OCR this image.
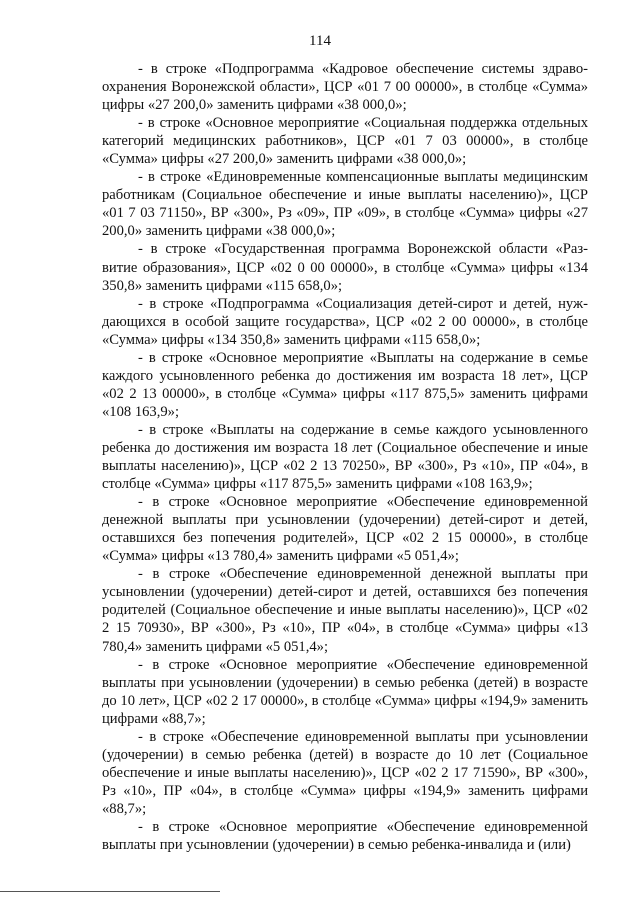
114

- в строке «Подпрограмма «Кадровое обеспечение системы здравоохранения Воронежской области», ЦСР «01 7 00 00000», в столбце «Сумма» цифры «27 200,0» заменить цифрами «38 000,0»;

- в строке «Основное мероприятие «Социальная поддержка отдельных категорий медицинских работников», ЦСР «01 7 03 00000», в столбце «Сумма» цифры «27 200,0» заменить цифрами «38 000,0»;

- в строке «Единовременные компенсационные выплаты медицинским работникам (Социальное обеспечение и иные выплаты населению)», ЦСР «01 7 03 71150», ВР «300», Рз «09», ПР «09», в столбце «Сумма» цифры «27 200,0» заменить цифрами «38 000,0»;

- в строке «Государственная программа Воронежской области «Развитие образования», ЦСР «02 0 00 00000», в столбце «Сумма» цифры «134 350,8» заменить цифрами «115 658,0»;

- в строке «Подпрограмма «Социализация детей-сирот и детей, нуждающихся в особой защите государства», ЦСР «02 2 00 00000», в столбце «Сумма» цифры «134 350,8» заменить цифрами «115 658,0»;

- в строке «Основное мероприятие «Выплаты на содержание в семье каждого усыновленного ребенка до достижения им возраста 18 лет», ЦСР «02 2 13 00000», в столбце «Сумма» цифры «117 875,5» заменить цифрами «108 163,9»;

- в строке «Выплаты на содержание в семье каждого усыновленного ребенка до достижения им возраста 18 лет (Социальное обеспечение и иные выплаты населению)», ЦСР «02 2 13 70250», ВР «300», Рз «10», ПР «04», в столбце «Сумма» цифры «117 875,5» заменить цифрами «108 163,9»;

- в строке «Основное мероприятие «Обеспечение единовременной денежной выплаты при усыновлении (удочерении) детей-сирот и детей, оставшихся без попечения родителей», ЦСР «02 2 15 00000», в столбце «Сумма» цифры «13 780,4» заменить цифрами «5 051,4»;

- в строке «Обеспечение единовременной денежной выплаты при усыновлении (удочерении) детей-сирот и детей, оставшихся без попечения родителей (Социальное обеспечение и иные выплаты населению)», ЦСР «02 2 15 70930», ВР «300», Рз «10», ПР «04», в столбце «Сумма» цифры «13 780,4» заменить цифрами «5 051,4»;

- в строке «Основное мероприятие «Обеспечение единовременной выплаты при усыновлении (удочерении) в семью ребенка (детей) в возрасте до 10 лет», ЦСР «02 2 17 00000», в столбце «Сумма» цифры «194,9» заменить цифрами «88,7»;

- в строке «Обеспечение единовременной выплаты при усыновлении (удочерении) в семью ребенка (детей) в возрасте до 10 лет (Социальное обеспечение и иные выплаты населению)», ЦСР «02 2 17 71590», ВР «300», Рз «10», ПР «04», в столбце «Сумма» цифры «194,9» заменить цифрами «88,7»;

- в строке «Основное мероприятие «Обеспечение единовременной выплаты при усыновлении (удочерении) в семью ребенка-инвалида и (или)
